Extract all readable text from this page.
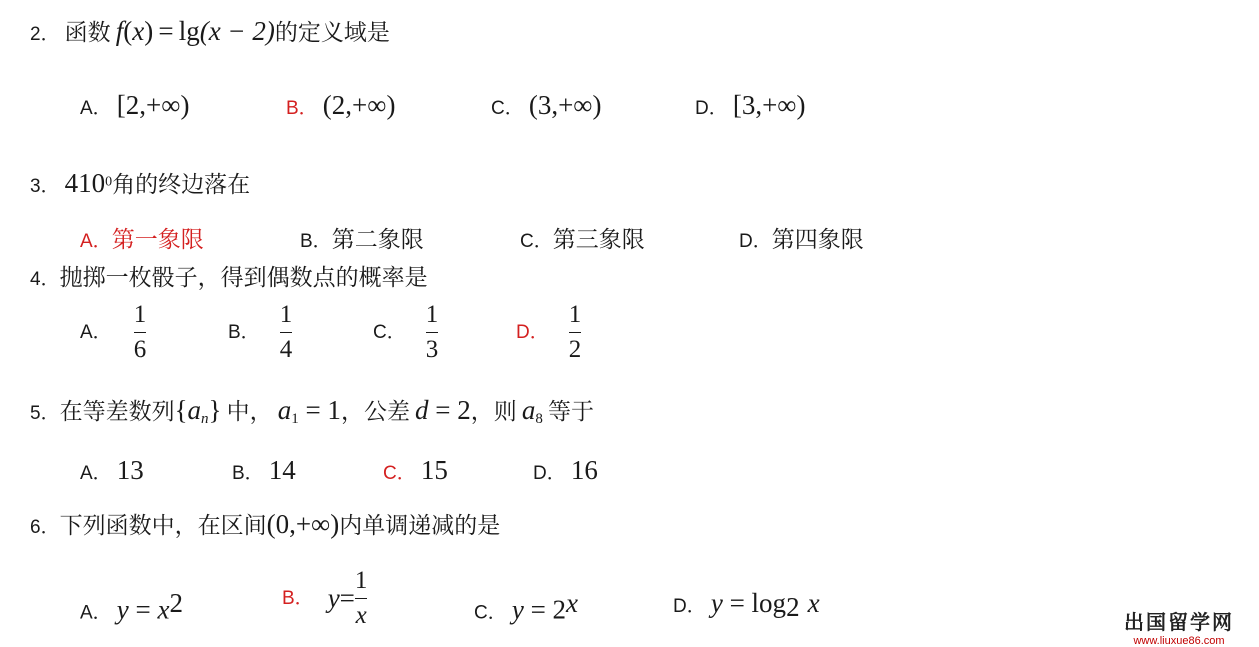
2． 函数 f(x) = lg(x − 2)的定义域是
A． [2,+∞)	B． (2,+∞)	C． (3,+∞)	D． [3,+∞)
3． $410^0$角的终边落在
A．第一象限	B．第二象限	C．第三象限	D．第四象限
4．抛掷一枚骰子，得到偶数点的概率是
A． $\frac{1}{6}$	B． $\frac{1}{4}$	C． $\frac{1}{3}$	D． $\frac{1}{2}$
5．在等差数列$\{a_n\}$ 中， $a_1 = 1$，公差 d = 2，则 $a_8$ 等于
A． 13	B． 14	C． 15	D． 16
6．下列函数中，在区间(0,+∞)内单调递减的是
A． $y = x^2$	B． $y = \frac{1}{x}$	C． $y = 2^x$	D． $y = \log_2 x$
出国留学网
www.liuxue86.com
